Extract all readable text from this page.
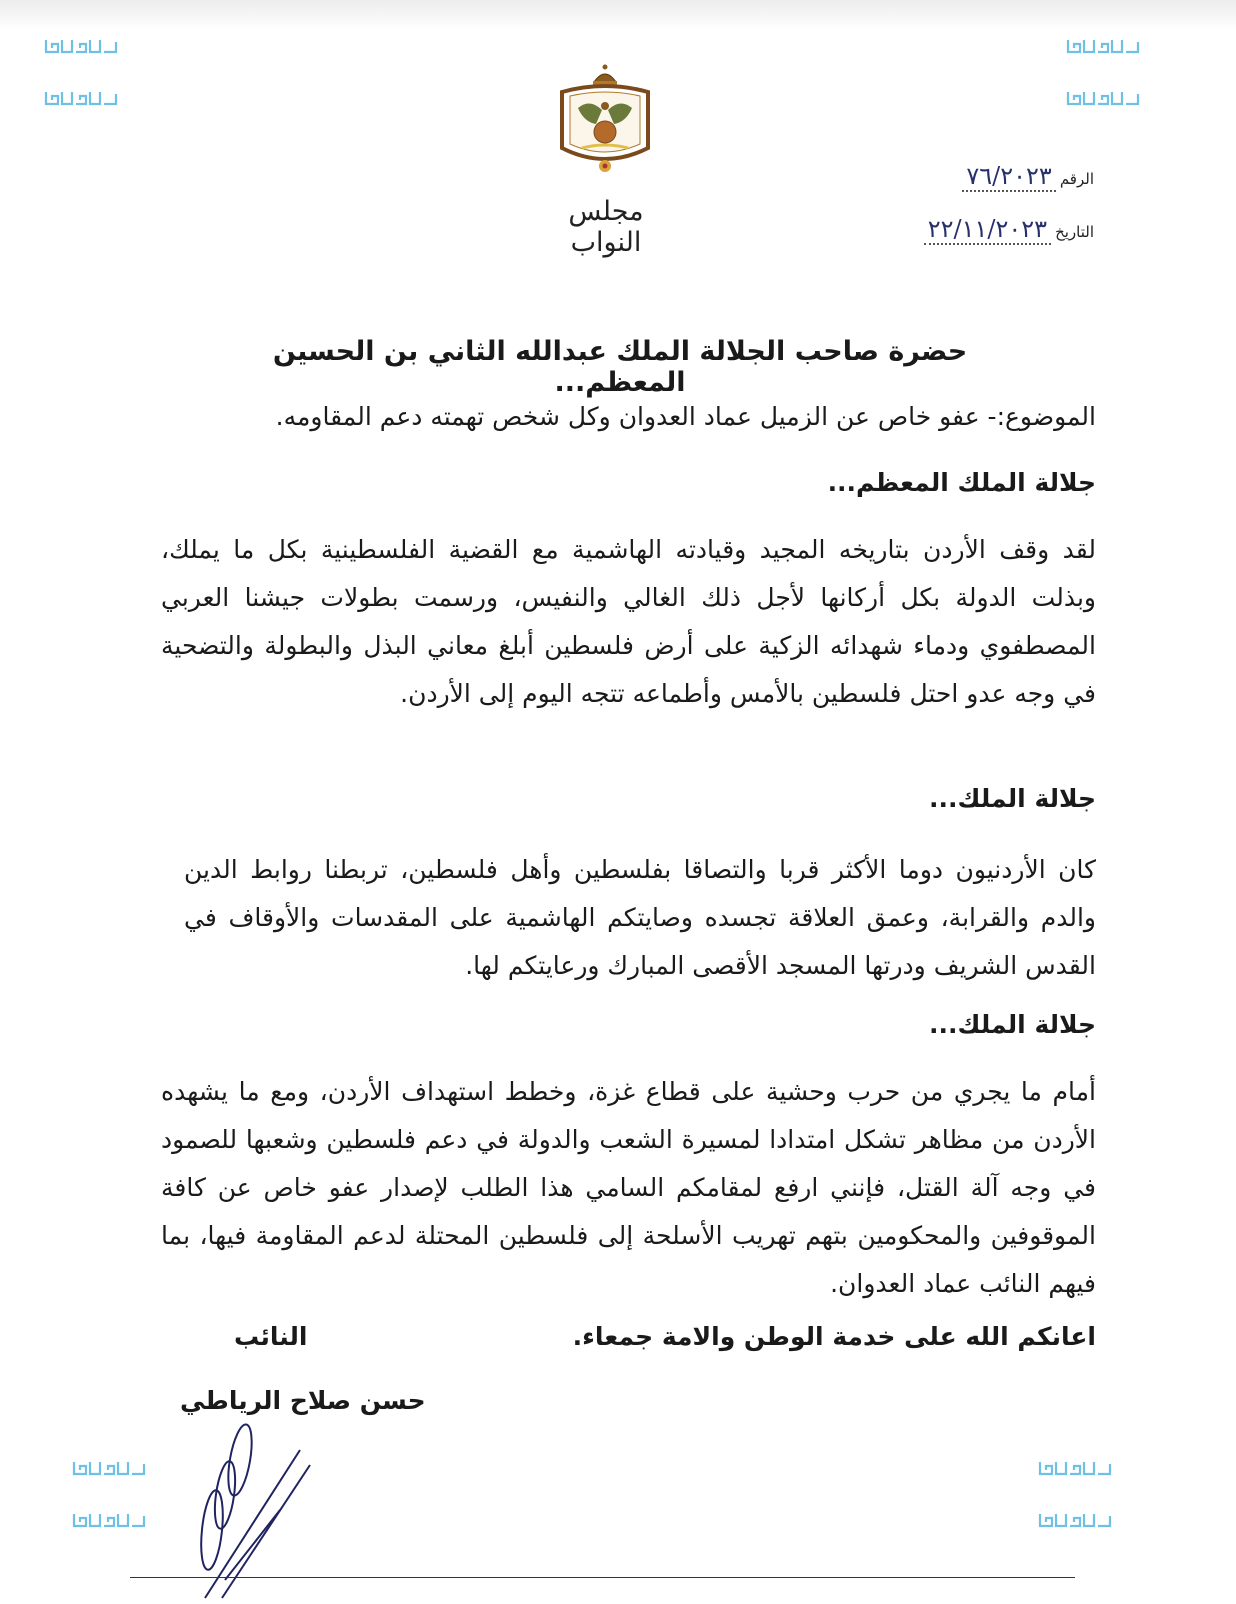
مجلس النواب
الرقم
٧٦/٢٠٢٣
التاريخ
٢٢/١١/٢٠٢٣
حضرة صاحب الجلالة الملك عبدالله الثاني بن الحسين المعظم...
الموضوع:- عفو خاص عن الزميل عماد العدوان وكل شخص تهمته دعم المقاومه.
جلالة الملك المعظم...
لقد وقف الأردن بتاريخه المجيد وقيادته الهاشمية مع القضية الفلسطينية بكل ما يملك، وبذلت الدولة بكل أركانها لأجل ذلك الغالي والنفيس، ورسمت بطولات جيشنا العربي المصطفوي ودماء شهدائه الزكية على أرض فلسطين أبلغ معاني البذل والبطولة والتضحية في وجه عدو احتل فلسطين بالأمس وأطماعه تتجه اليوم إلى الأردن.
جلالة الملك...
كان الأردنيون دوما الأكثر قربا والتصاقا بفلسطين وأهل فلسطين، تربطنا روابط الدين والدم والقرابة، وعمق العلاقة تجسده وصايتكم الهاشمية على المقدسات والأوقاف في القدس الشريف ودرتها المسجد الأقصى المبارك ورعايتكم لها.
جلالة الملك...
أمام ما يجري من حرب وحشية على قطاع غزة، وخطط استهداف الأردن، ومع ما يشهده الأردن من مظاهر تشكل امتدادا لمسيرة الشعب والدولة في دعم فلسطين وشعبها للصمود في وجه آلة القتل، فإنني ارفع لمقامكم السامي هذا الطلب لإصدار عفو خاص عن كافة الموقوفين والمحكومين بتهم تهريب الأسلحة إلى فلسطين المحتلة لدعم المقاومة فيها، بما فيهم النائب عماد العدوان.
اعانكم الله على خدمة الوطن والامة جمعاء.
النائب
حسن صلاح الرياطي
